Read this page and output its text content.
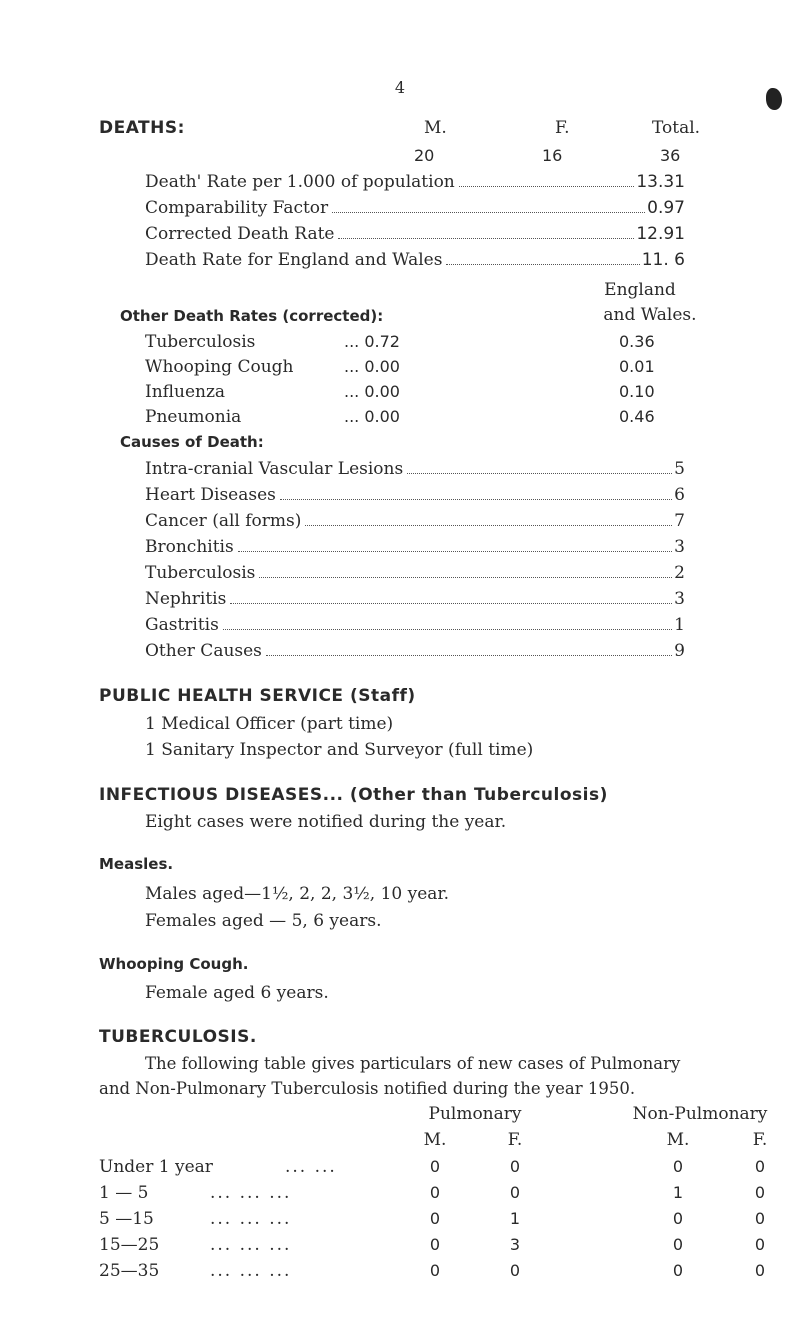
4
DEATHS:	M.	F.	Total.
20	16	36
Death' Rate per 1.000 of population	13.31
Comparability Factor	0.97
Corrected Death Rate	12.91
Death Rate for England and Wales	11. 6
England
Other Death Rates (corrected):	and Wales.
Tuberculosis	... 0.72	0.36
Whooping Cough	... 0.00	0.01
Influenza	... 0.00	0.10
Pneumonia	... 0.00	0.46
Causes of Death:
Intra-cranial Vascular Lesions	5
Heart Diseases	6
Cancer (all forms)	7
Bronchitis	3
Tuberculosis	2
Nephritis	3
Gastritis	1
Other Causes	9
PUBLIC HEALTH SERVICE (Staff)
1 Medical Officer (part time)
1 Sanitary Inspector and Surveyor (full time)
INFECTIOUS DISEASES... (Other than Tuberculosis)
Eight cases were notified during the year.
Measles.
Males aged—1½, 2, 2, 3½, 10 year.
Females aged — 5, 6 years.
Whooping Cough.
Female aged 6 years.
TUBERCULOSIS.
The following table gives particulars of new cases of Pulmonary
and Non-Pulmonary Tuberculosis notified during the year 1950.
Pulmonary	Non-Pulmonary
M.	F.	M.	F.
Under 1 year	... ...	0	0	0	0
1 — 5	... ... ...	0	0	1	0
5 —15	... ... ...	0	1	0	0
15—25	... ... ...	0	3	0	0
25—35	... ... ...	0	0	0	0
